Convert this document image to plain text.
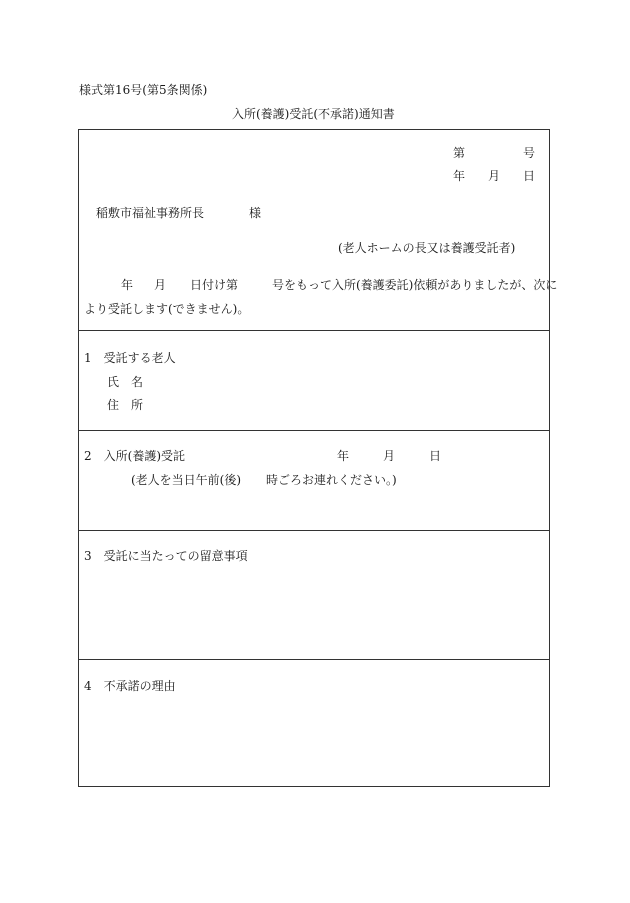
様式第16号(第5条関係)
入所(養護)受託(不承諾)通知書
第	号
年 月 日
稲敷市福祉事務所長	様
(老人ホームの長又は養護受託者)
年 月 日付け第	号をもって入所(養護委託)依頼がありましたが、次に
より受託します(できません)。
1　受託する老人
氏　名
住　所
2　入所(養護)受託	年	月	日
(老人を当日午前(後) 時ごろお連れください。)
3　受託に当たっての留意事項
4　不承諾の理由
